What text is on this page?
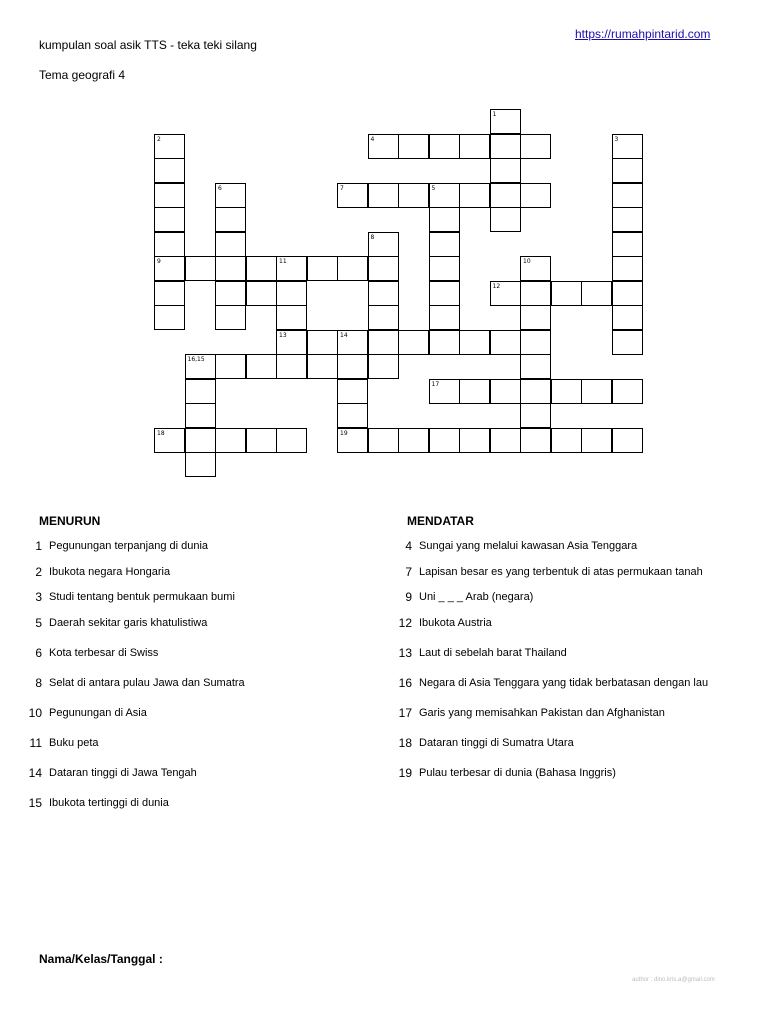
kumpulan soal asik TTS - teka teki silang
https://rumahpintarid.com
Tema geografi 4
2
9
6
3
1
5
8
10
11
13	14
19
16,15
4
7
12
17
18
MENURUN	MENDATAR
1 Pegunungan terpanjang di dunia
2 Ibukota negara Hongaria
3 Studi tentang bentuk permukaan bumi
5 Daerah sekitar garis khatulistiwa
6 Kota terbesar di Swiss
8 Selat di antara pulau Jawa dan Sumatra
10 Pegunungan di Asia
11 Buku peta
14 Dataran tinggi di Jawa Tengah
15 Ibukota tertinggi di dunia
4 Sungai yang melalui kawasan Asia Tenggara
7 Lapisan besar es yang terbentuk di atas permukaan tanah
9 Uni _ _ _ Arab (negara)
12 Ibukota Austria
13 Laut di sebelah barat Thailand
16 Negara di Asia Tenggara yang tidak berbatasan dengan lau
17 Garis yang memisahkan Pakistan dan Afghanistan
18 Dataran tinggi di Sumatra Utara
19 Pulau terbesar di dunia (Bahasa Inggris)
Nama/Kelas/Tanggal :
author : dino.kris.a@gmail.com
